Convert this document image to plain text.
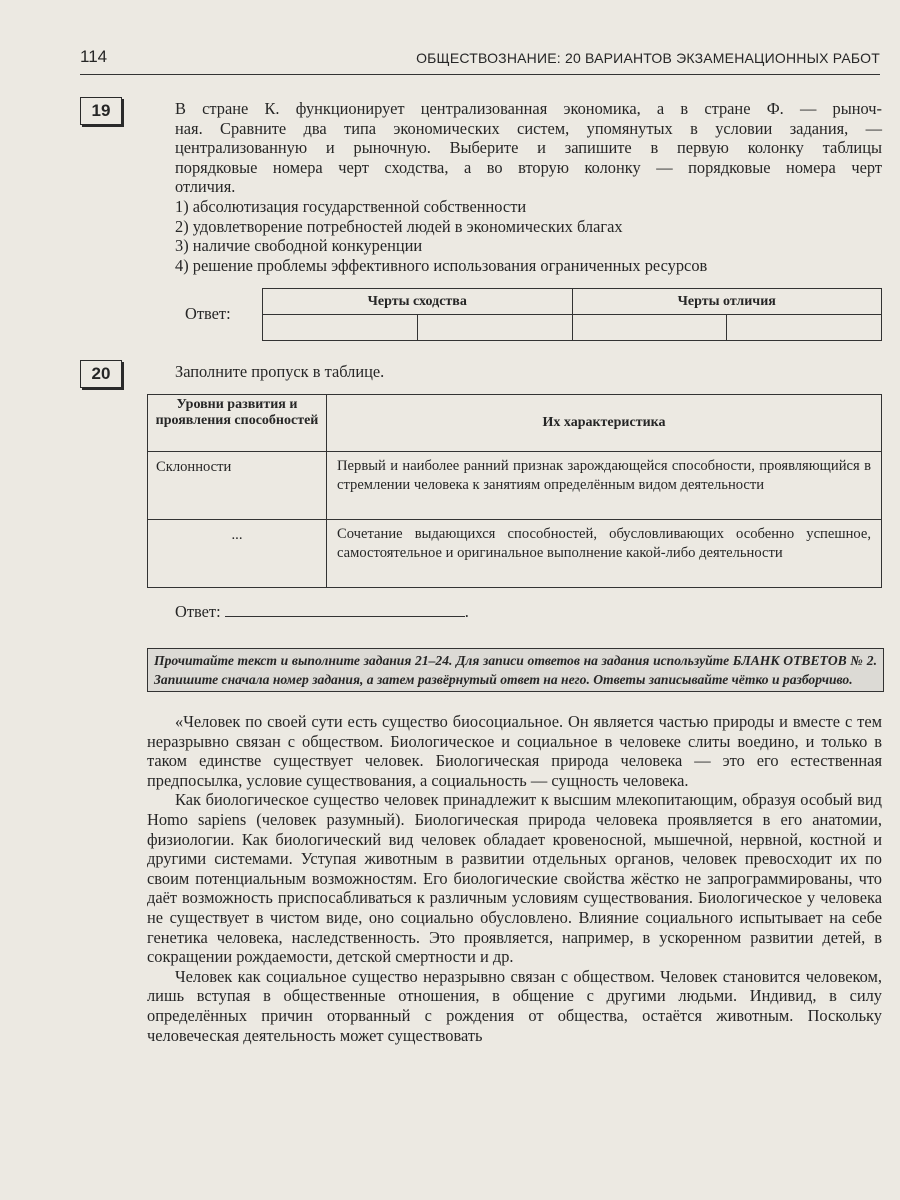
114	ОБЩЕСТВОЗНАНИЕ: 20 ВАРИАНТОВ ЭКЗАМЕНАЦИОННЫХ РАБОТ
19	В стране К. функционирует централизованная экономика, а в стране Ф. — рыноч-
ная. Сравните два типа экономических систем, упомянутых в условии задания, —
централизованную и рыночную. Выберите и запишите в первую колонку таблицы
порядковые номера черт сходства, а во вторую колонку — порядковые номера черт
отличия.
1) абсолютизация государственной собственности
2) удовлетворение потребностей людей в экономических благах
3) наличие свободной конкуренции
4) решение проблемы эффективного использования ограниченных ресурсов
Ответ:
Черты сходства		Черты отличия	

20	Заполните пропуск в таблице.
Уровни развития и проявления способностей	Их характеристика
Склонности	Первый и наиболее ранний признак зарождающейся способности, проявляющийся в стремлении человека к занятиям определённым видом деятельности
...	Сочетание выдающихся способностей, обусловливающих особенно успешное, самостоятельное и оригинальное выполнение какой-либо деятельности
Ответ:	.
Прочитайте текст и выполните задания 21–24. Для записи ответов на задания используйте БЛАНК ОТВЕТОВ № 2. Запишите сначала номер задания, а затем развёрнутый ответ на него. Ответы записывайте чётко и разборчиво.

«Человек по своей сути есть существо биосоциальное. Он является частью природы и вместе с тем неразрывно связан с обществом. Биологическое и социальное в человеке слиты воедино, и только в таком единстве существует человек. Биологическая природа человека — это его естественная предпосылка, условие существования, а социальность — сущность человека.

Как биологическое существо человек принадлежит к высшим млекопитающим, образуя особый вид Homo sapiens (человек разумный). Биологическая природа человека проявляется в его анатомии, физиологии. Как биологический вид человек обладает кровеносной, мышечной, нервной, костной и другими системами. Уступая животным в развитии отдельных органов, человек превосходит их по своим потенциальным возможностям. Его биологические свойства жёстко не запрограммированы, что даёт возможность приспосабливаться к различным условиям существования. Биологическое у человека не существует в чистом виде, оно социально обусловлено. Влияние социального испытывает на себе генетика человека, наследственность. Это проявляется, например, в ускоренном развитии детей, в сокращении рождаемости, детской смертности и др.

Человек как социальное существо неразрывно связан с обществом. Человек становится человеком, лишь вступая в общественные отношения, в общение с другими людьми. Индивид, в силу определённых причин оторванный с рождения от общества, остаётся животным. Поскольку человеческая деятельность может существовать
